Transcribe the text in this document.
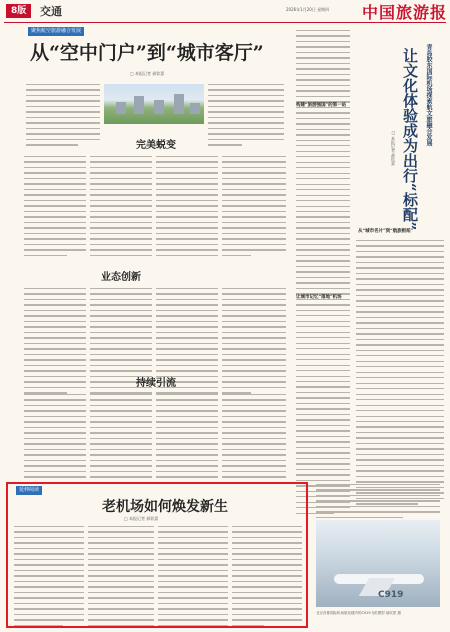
8版	交通	2026年1月20日 星期四 中国旅游报
聚焦航空旅游融合发展
从“空中门户”到“城市客厅”
□ 本报记者 郝钦蒙
完美蜕变
业态创新
持续引流
构建“旅游强国”的第一站	让文化体验成为出行“标配”	青岛胶东国际机场探索航文旅融合发展
□ 本报记者 郝钦蒙
让城市记忆“落地”机场
从“城市名片”到“航旅枢纽”
延伸阅读
老机场如何焕发新生
□ 本报记者 郝钦蒙
C919
北京首都国际机场航站楼内的C919飞机模型 郝钦蒙 摄
